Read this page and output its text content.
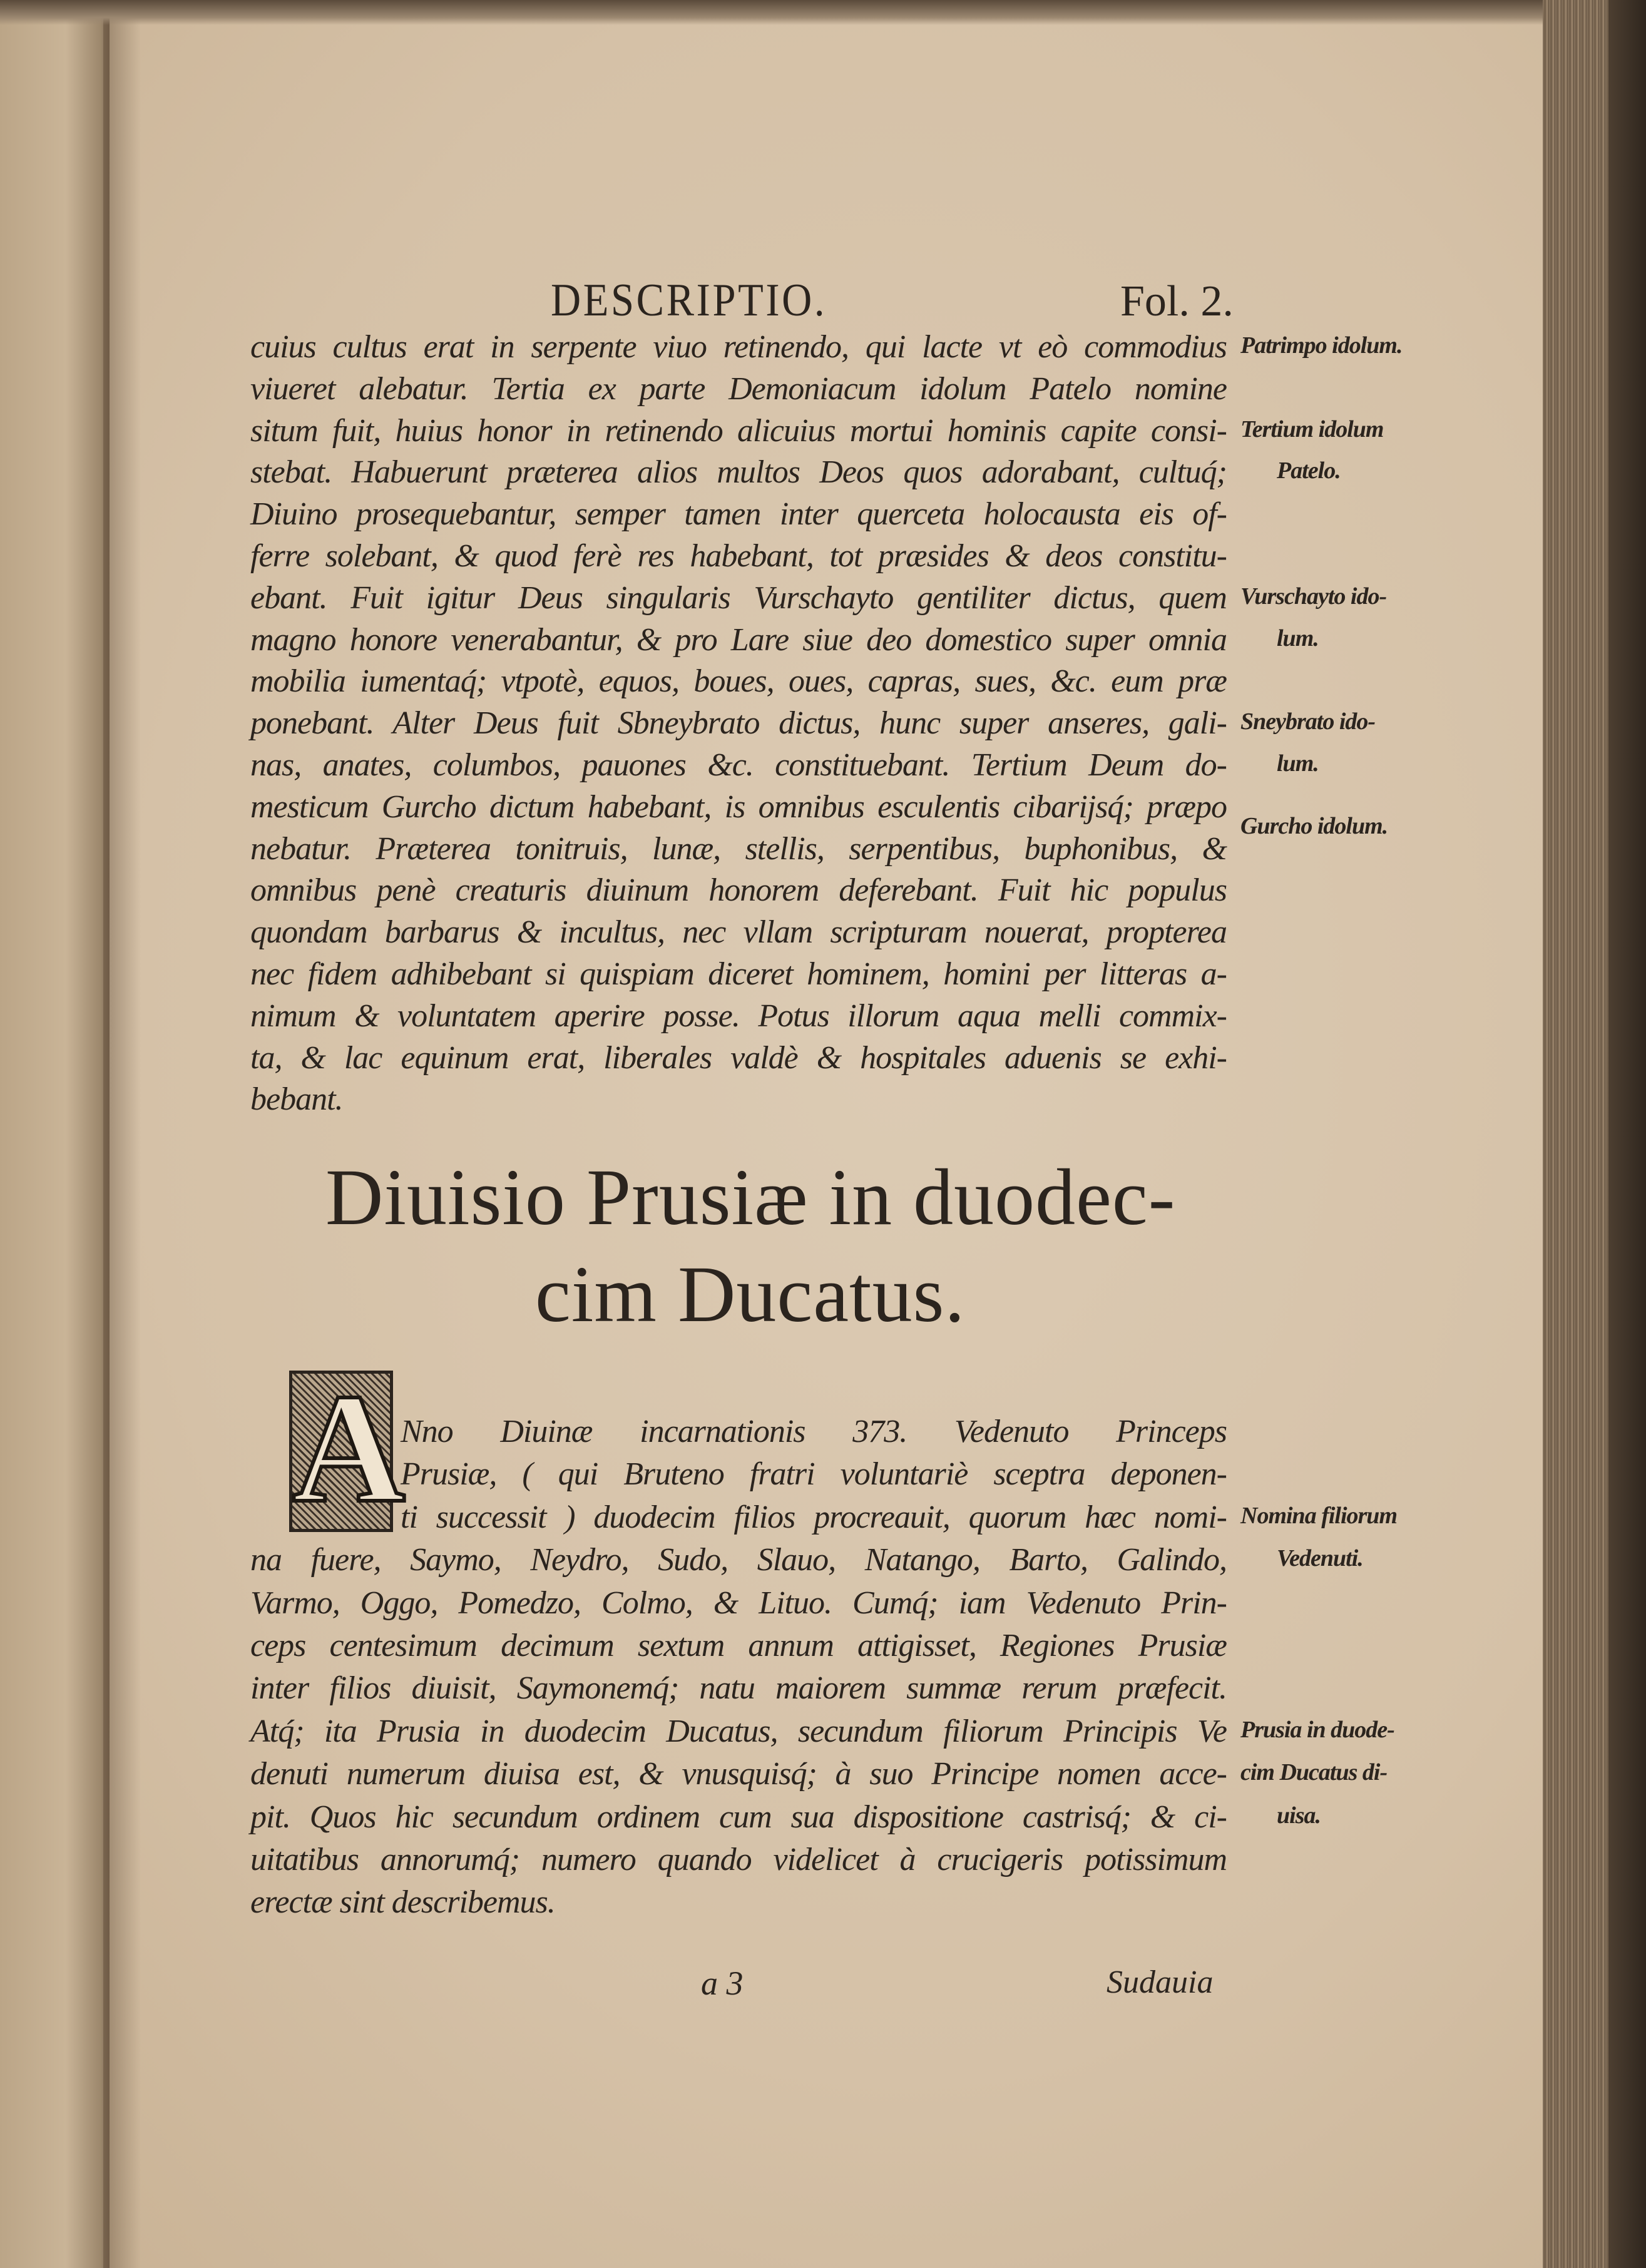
DESCRIPTIO.	Fol. 2.
cuius cultus erat in serpente viuo retinendo, qui lacte vt eò commodius
viueret alebatur. Tertia ex parte Demoniacum idolum Patelo nomine
situm fuit, huius honor in retinendo alicuius mortui hominis capite consi-
stebat. Habuerunt præterea alios multos Deos quos adorabant, cultuq́;
Diuino prosequebantur, semper tamen inter querceta holocausta eis of-
ferre solebant, & quod ferè res habebant, tot præsides & deos constitu-
ebant. Fuit igitur Deus singularis Vurschayto gentiliter dictus, quem
magno honore venerabantur, & pro Lare siue deo domestico super omnia
mobilia iumentaq́; vtpotè, equos, boues, oues, capras, sues, &c. eum præ
ponebant. Alter Deus fuit Sbneybrato dictus, hunc super anseres, gali-
nas, anates, columbos, pauones &c. constituebant. Tertium Deum do-
mesticum Gurcho dictum habebant, is omnibus esculentis cibarijsq́; præpo
nebatur. Præterea tonitruis, lunæ, stellis, serpentibus, buphonibus, &
omnibus penè creaturis diuinum honorem deferebant. Fuit hic populus
quondam barbarus & incultus, nec vllam scripturam nouerat, propterea
nec fidem adhibebant si quispiam diceret hominem, homini per litteras a-
nimum & voluntatem aperire posse. Potus illorum aqua melli commix-
ta, & lac equinum erat, liberales valdè & hospitales aduenis se exhi-
bebant.
Patrimpo idolum.
Tertium idolum
Patelo.
Vurschayto ido-
lum.
Sneybrato ido-
lum.
Gurcho idolum.
Diuisio Prusiæ in duodec-
cim Ducatus.
A
Nno Diuinæ incarnationis 373. Vedenuto Princeps
Prusiæ, ( qui Bruteno fratri voluntariè sceptra deponen-
ti successit ) duodecim filios procreauit, quorum hæc nomi-
na fuere, Saymo, Neydro, Sudo, Slauo, Natango, Barto, Galindo,
Varmo, Oggo, Pomedzo, Colmo, & Lituo. Cumq́; iam Vedenuto Prin-
ceps centesimum decimum sextum annum attigisset, Regiones Prusiæ
inter filios diuisit, Saymonemq́; natu maiorem summæ rerum præfecit.
Atq́; ita Prusia in duodecim Ducatus, secundum filiorum Principis Ve
denuti numerum diuisa est, & vnusquisq́; à suo Principe nomen acce-
pit. Quos hic secundum ordinem cum sua dispositione castrisq́; & ci-
uitatibus annorumq́; numero quando videlicet à crucigeris potissimum
erectæ sint describemus.
Nomina filiorum
Vedenuti.
Prusia in duode-
cim Ducatus di-
uisa.
a 3	Sudauia
